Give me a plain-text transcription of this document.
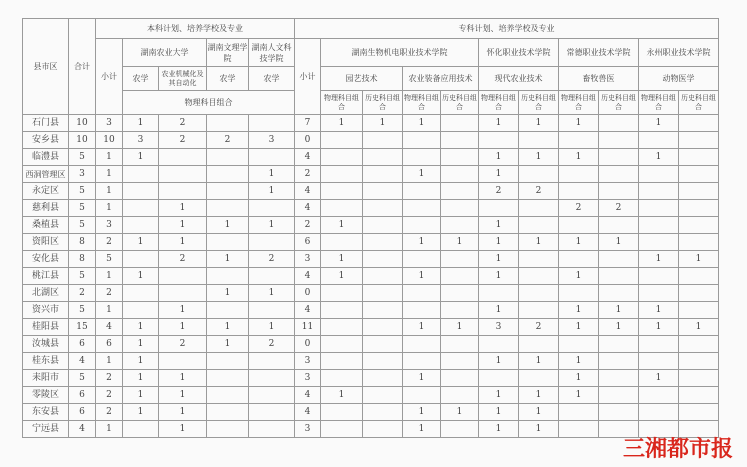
县市区	合计	本科计划、培养学校及专业					专科计划、培养学校及专业										
		小计	湖南农业大学		湖南文理学院	湖南人文科技学院	小计	湖南生物机电职业技术学院				怀化职业技术学院		常德职业技术学院		永州职业技术学院	
			农学	农业机械化及其自动化	农学	农学		园艺技术		农业装备应用技术		现代农业技术		畜牧兽医		动物医学	
			物理科目组合					物理科目组合	历史科目组合	物理科目组合	历史科目组合	物理科目组合	历史科目组合	物理科目组合	历史科目组合	物理科目组合	历史科目组合
石门县	10	3	1	2			7	1	1	1		1	1	1		1	
安乡县	10	10	3	2	2	3	0										
临澧县	5	1	1				4					1	1	1		1	
西洞管理区	3	1				1	2			1		1					
永定区	5	1				1	4					2	2				
慈利县	5	1		1			4							2	2		
桑植县	5	3		1	1	1	2	1				1					
资阳区	8	2	1	1			6			1	1	1	1	1	1		
安化县	8	5		2	1	2	3	1				1				1	1
桃江县	5	1	1				4	1		1		1		1			
北湖区	2	2			1	1	0										
资兴市	5	1		1			4					1		1	1	1	
桂阳县	15	4	1	1	1	1	11			1	1	3	2	1	1	1	1
汝城县	6	6	1	2	1	2	0										
桂东县	4	1	1				3					1	1	1			
耒阳市	5	2	1	1			3			1				1		1	
零陵区	6	2	1	1			4	1				1	1	1			
东安县	6	2	1	1			4			1	1	1	1				
宁远县	4	1		1			3			1		1	1				
三湘都市报
